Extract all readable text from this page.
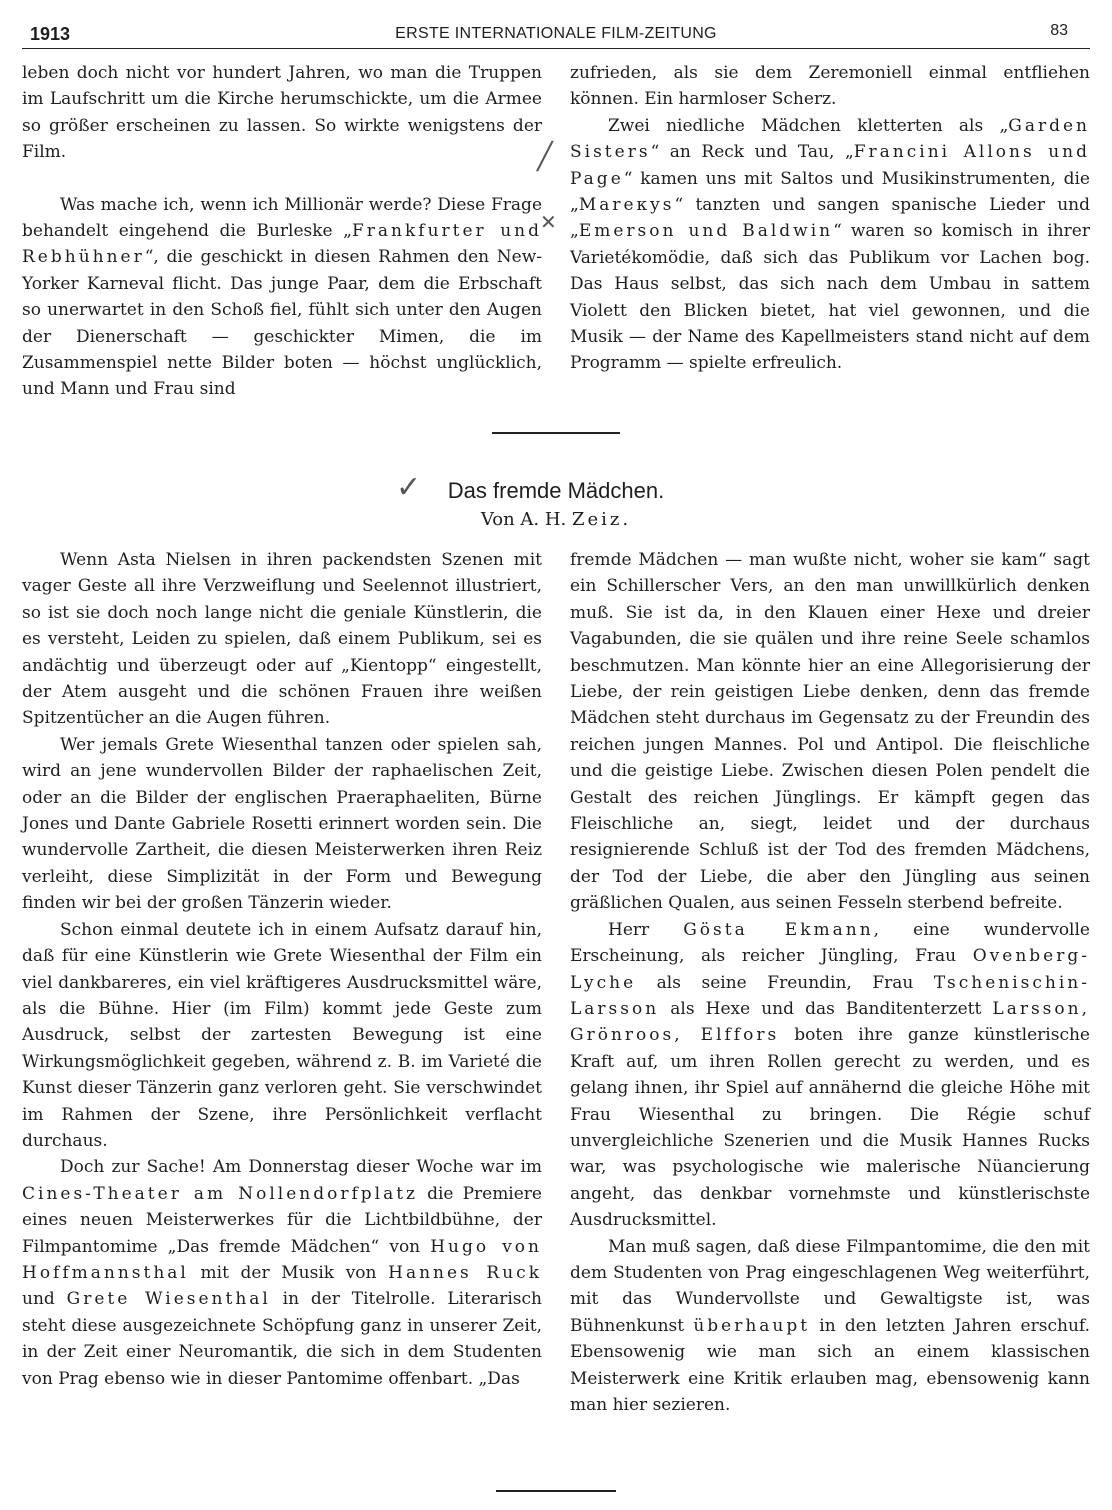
1913	ERSTE INTERNATIONALE FILM-ZEITUNG	83

leben doch nicht vor hundert Jahren, wo man die Truppen im Laufschritt um die Kirche herumschickte, um die Armee so größer erscheinen zu lassen. So wirkte wenigstens der Film.

Was mache ich, wenn ich Millionär werde? Diese Frage behandelt eingehend die Burleske „Frankfurter und Rebhühner“, die geschickt in diesen Rahmen den New-Yorker Karneval flicht. Das junge Paar, dem die Erbschaft so unerwartet in den Schoß fiel, fühlt sich unter den Augen der Dienerschaft — geschickter Mimen, die im Zusammenspiel nette Bilder boten — höchst unglücklich, und Mann und Frau sind

zufrieden, als sie dem Zeremoniell einmal entfliehen können. Ein harmloser Scherz.

Zwei niedliche Mädchen kletterten als „Garden Sisters“ an Reck und Tau, „Francini Allons und Page“ kamen uns mit Saltos und Musikinstrumenten, die „Mareкys“ tanzten und sangen spanische Lieder und „Emerson und Baldwin“ waren so komisch in ihrer Varietékomödie, daß sich das Publikum vor Lachen bog. Das Haus selbst, das sich nach dem Umbau in sattem Violett den Blicken bietet, hat viel gewonnen, und die Musik — der Name des Kapellmeisters stand nicht auf dem Programm — spielte erfreulich.

╱
✕
✓	Das fremde Mädchen.
Von A. H. Zeiz.

Wenn Asta Nielsen in ihren packendsten Szenen mit vager Geste all ihre Verzweiflung und Seelennot illustriert, so ist sie doch noch lange nicht die geniale Künstlerin, die es versteht, Leiden zu spielen, daß einem Publikum, sei es andächtig und überzeugt oder auf „Kientopp“ eingestellt, der Atem ausgeht und die schönen Frauen ihre weißen Spitzentücher an die Augen führen.

Wer jemals Grete Wiesenthal tanzen oder spielen sah, wird an jene wundervollen Bilder der raphaelischen Zeit, oder an die Bilder der englischen Praeraphaeliten, Bürne Jones und Dante Gabriele Rosetti erinnert worden sein. Die wundervolle Zartheit, die diesen Meisterwerken ihren Reiz verleiht, diese Simplizität in der Form und Bewegung finden wir bei der großen Tänzerin wieder.

Schon einmal deutete ich in einem Aufsatz darauf hin, daß für eine Künstlerin wie Grete Wiesenthal der Film ein viel dankbareres, ein viel kräftigeres Ausdrucksmittel wäre, als die Bühne. Hier (im Film) kommt jede Geste zum Ausdruck, selbst der zartesten Bewegung ist eine Wirkungsmöglichkeit gegeben, während z. B. im Varieté die Kunst dieser Tänzerin ganz verloren geht. Sie verschwindet im Rahmen der Szene, ihre Persönlichkeit verflacht durchaus.

Doch zur Sache! Am Donnerstag dieser Woche war im Cines-Theater am Nollendorfplatz die Premiere eines neuen Meisterwerkes für die Lichtbildbühne, der Filmpantomime „Das fremde Mädchen“ von Hugo von Hoffmannsthal mit der Musik von Hannes Ruck und Grete Wiesenthal in der Titelrolle. Literarisch steht diese ausgezeichnete Schöpfung ganz in unserer Zeit, in der Zeit einer Neuromantik, die sich in dem Studenten von Prag ebenso wie in dieser Pantomime offenbart. „Das

fremde Mädchen — man wußte nicht, woher sie kam“ sagt ein Schillerscher Vers, an den man unwillkürlich denken muß. Sie ist da, in den Klauen einer Hexe und dreier Vagabunden, die sie quälen und ihre reine Seele schamlos beschmutzen. Man könnte hier an eine Allegorisierung der Liebe, der rein geistigen Liebe denken, denn das fremde Mädchen steht durchaus im Gegensatz zu der Freundin des reichen jungen Mannes. Pol und Antipol. Die fleischliche und die geistige Liebe. Zwischen diesen Polen pendelt die Gestalt des reichen Jünglings. Er kämpft gegen das Fleischliche an, siegt, leidet und der durchaus resignierende Schluß ist der Tod des fremden Mädchens, der Tod der Liebe, die aber den Jüngling aus seinen gräßlichen Qualen, aus seinen Fesseln sterbend befreite.

Herr Gösta Ekmann, eine wundervolle Erscheinung, als reicher Jüngling, Frau Ovenberg-Lyche als seine Freundin, Frau Tschenischin-Larsson als Hexe und das Banditenterzett Larsson, Grönroos, Elffors boten ihre ganze künstlerische Kraft auf, um ihren Rollen gerecht zu werden, und es gelang ihnen, ihr Spiel auf annähernd die gleiche Höhe mit Frau Wiesenthal zu bringen. Die Régie schuf unvergleichliche Szenerien und die Musik Hannes Rucks war, was psychologische wie malerische Nüancierung angeht, das denkbar vornehmste und künstlerischste Ausdrucksmittel.

Man muß sagen, daß diese Filmpantomime, die den mit dem Studenten von Prag eingeschlagenen Weg weiterführt, mit das Wundervollste und Gewaltigste ist, was Bühnenkunst überhaupt in den letzten Jahren erschuf. Ebensowenig wie man sich an einem klassischen Meisterwerk eine Kritik erlauben mag, ebensowenig kann man hier sezieren.
